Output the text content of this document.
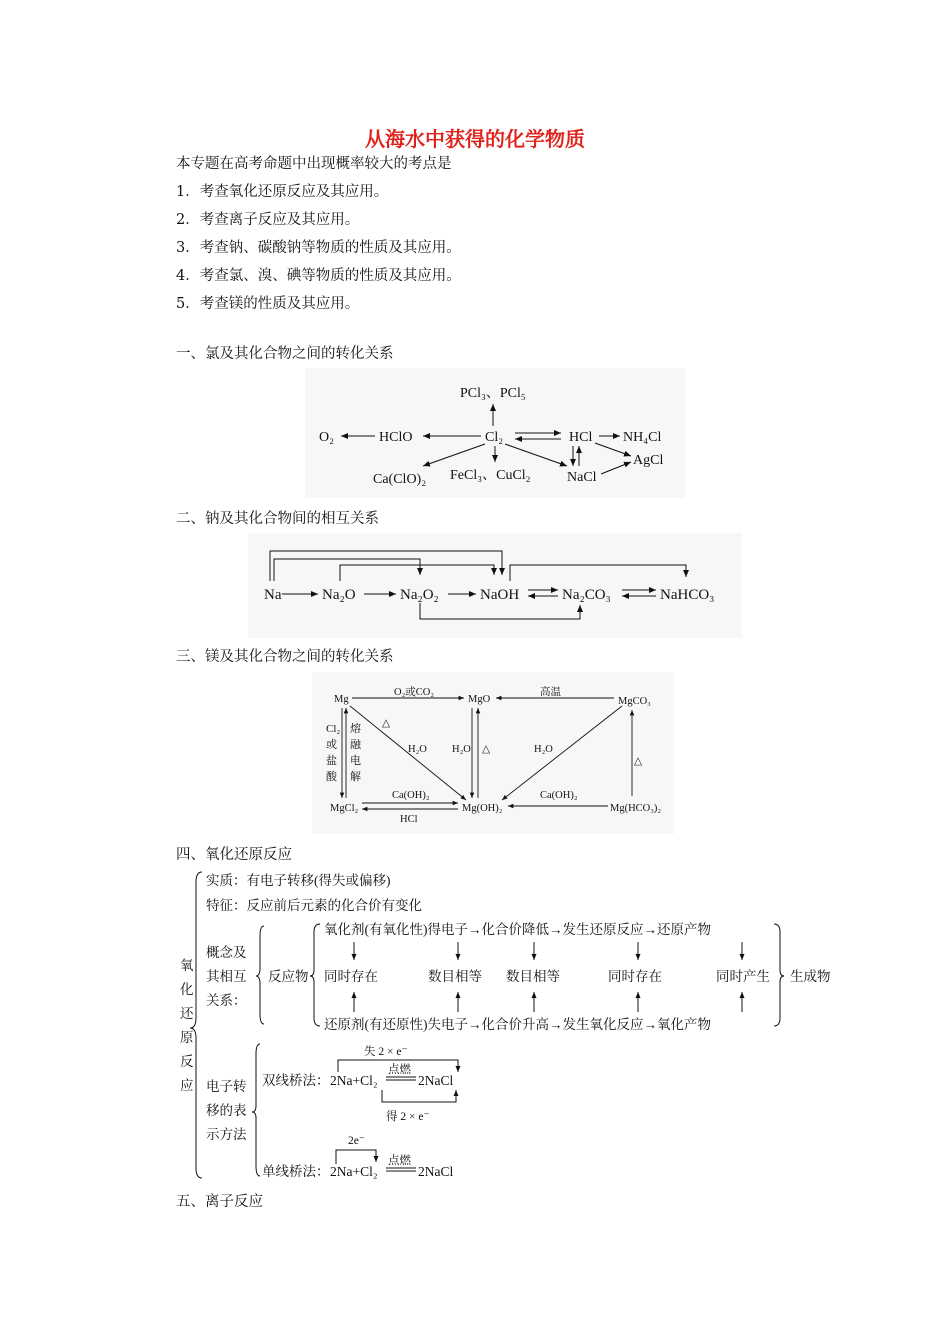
从海水中获得的化学物质
本专题在高考命题中出现概率较大的考点是
1．考查氧化还原反应及其应用。
2．考查离子反应及其应用。
3．考查钠、碳酸钠等物质的性质及其应用。
4．考查氯、溴、碘等物质的性质及其应用。
5．考查镁的性质及其应用。
一、氯及其化合物之间的转化关系
二、钠及其化合物间的相互关系
三、镁及其化合物之间的转化关系
四、氧化还原反应
五、离子反应
PCl₃、PCl₅
O₂	HClO	Cl₂	HCl NH₄Cl
Ca(ClO)₂ FeCl₃、CuCl₂	NaCl
AgCl
Na	Na₂O	Na₂O₂	NaOH	Na₂CO₃	NaHCO₃
Mg	MgO	MgCO₃
MgCl₂	Mg(OH)₂	Mg(HCO₃)₂
O₂或CO₂	高温
H₂O H₂O	H₂O
△
△
△
Ca(OH)₂	Ca(OH)₂
HCl
Cl₂
或
盐
酸
熔
融
电
解
氧
化
还
原
反
应
实质：有电子转移(得失或偏移)
特征：反应前后元素的化合价有变化
概念及
其相互
关系：
反应物
氧化剂(有氧化性)得电子→化合价降低→发生还原反应→还原产物
同时存在	数目相等 数目相等	同时存在	同时产生
还原剂(有还原性)失电子→化合价升高→发生氧化反应→氧化产物
生成物
电子转
移的表
示方法
双线桥法：
单线桥法：
2Na+Cl₂	2NaCl
2Na+Cl₂	2NaCl
点燃
点燃
失 2 × e⁻
得 2 × e⁻
2e⁻
